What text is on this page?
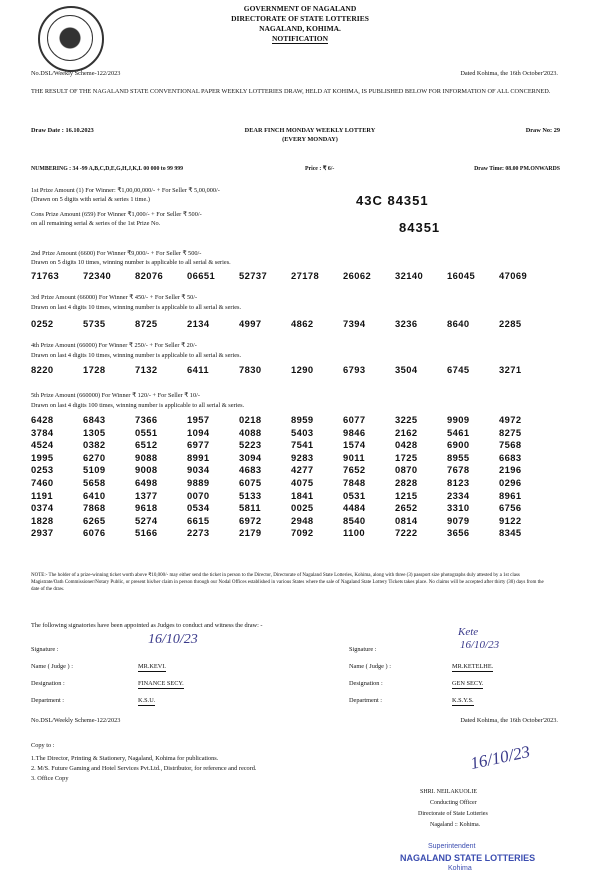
GOVERNMENT OF NAGALAND
DIRECTORATE OF STATE LOTTERIES
NAGALAND, KOHIMA.
NOTIFICATION
No.DSL/Weekly Scheme-122/2023	Dated Kohima, the 16th October'2023.
THE RESULT OF THE NAGALAND STATE CONVENTIONAL PAPER WEEKLY LOTTERIES DRAW, HELD AT KOHIMA, IS PUBLISHED BELOW FOR INFORMATION OF ALL CONCERNED.
Draw Date : 16.10.2023	DEAR FINCH MONDAY WEEKLY LOTTERY
(EVERY MONDAY)
Draw No: 29
NUMBERING : 34 -99 A,B,C,D,E,G,H,J,K,L 00 000 to 99 999	Price : ₹ 6/-	Draw Time: 08.00 PM.ONWARDS
1st Prize Amount (1) For Winner: ₹1,00,00,000/- + For Seller ₹ 5,00,000/-
(Drawn on 5 digits with serial & series 1 time.)	43C 84351
Cons Prize Amount (659) For Winner ₹1,000/- + For Seller ₹ 500/-
on all remaining serial & series of the 1st Prize No.	84351
2nd Prize Amount (6600) For Winner ₹9,000/- + For Seller ₹ 500/-
Drawn on 5 digits 10 times, winning number is applicable to all serial & series.
71763	72340	82076	06651	52737	27178	26062	32140	16045	47069
3rd Prize Amount (66000) For Winner ₹ 450/- + For Seller ₹ 50/-
Drawn on last 4 digits 10 times, winning number is applicable to all serial & series.
0252	5735	8725	2134	4997	4862	7394	3236	8640	2285
4th Prize Amount (66000) For Winner ₹ 250/- + For Seller ₹ 20/-
Drawn on last 4 digits 10 times, winning number is applicable to all serial & series.
8220	1728	7132	6411	7830	1290	6793	3504	6745	3271
5th Prize Amount (660000) For Winner ₹ 120/- + For Seller ₹ 10/-
Drawn on last 4 digits 100 times, winning number is applicable to all serial & series.
6428	6843	7366	1957	0218	8959	6077	3225	9909	4972
3784	1305	0551	1094	4088	5403	9846	2162	5461	8275
4524	0382	6512	6977	5223	7541	1574	0428	6900	7568
1995	6270	9088	8991	3094	9283	9011	1725	8955	6683
0253	5109	9008	9034	4683	4277	7652	0870	7678	2196
7460	5658	6498	9889	6075	4075	7848	2828	8123	0296
1191	6410	1377	0070	5133	1841	0531	1215	2334	8961
0374	7868	9618	0534	5811	0025	4484	2652	3310	6756
1828	6265	5274	6615	6972	2948	8540	0814	9079	9122
2937	6076	5166	2273	2179	7092	1100	7222	3656	8345
NOTE:- The holder of a prize-winning ticket worth above ₹10,000/- may either send the ticket in person to the Director, Directorate of Nagaland State Lotteries, Kohima, along with three (3) passport size photographs duly attested by a 1st class Magistrate/Oath Commissioner/Notary Public, or present his/her claim in person through our Nodal Offices established in various States where the sale of Nagaland State Lottery Tickets takes place. No claims will be accepted after thirty (30) days from the date of the draw.
The following signatories have been appointed as Judges to conduct and witness the draw: -
Signature :
16/10/23
Name ( Judge ) :	MR.KEVI.
Designation :	FINANCE SECY.
Department :	K.S.U.
Signature :
Kete
16/10/23
Name ( Judge ) :	MR.KETELHE.
Designation :	GEN SECY.
Department :	K.S.Y.S.
No.DSL/Weekly Scheme-122/2023	Dated Kohima, the 16th October'2023.
Copy to :
1.The Director, Printing & Stationery, Nagaland, Kohima for publications.
2. M/S. Future Gaming and Hotel Services Pvt.Ltd., Distributor, for reference and record.
3. Office Copy
16/10/23
SHRI. NEILAKUOLIE
Conducting Officer
Directorate of State Lotteries
Nagaland :: Kohima.
Superintendent
NAGALAND STATE LOTTERIES
Kohima
